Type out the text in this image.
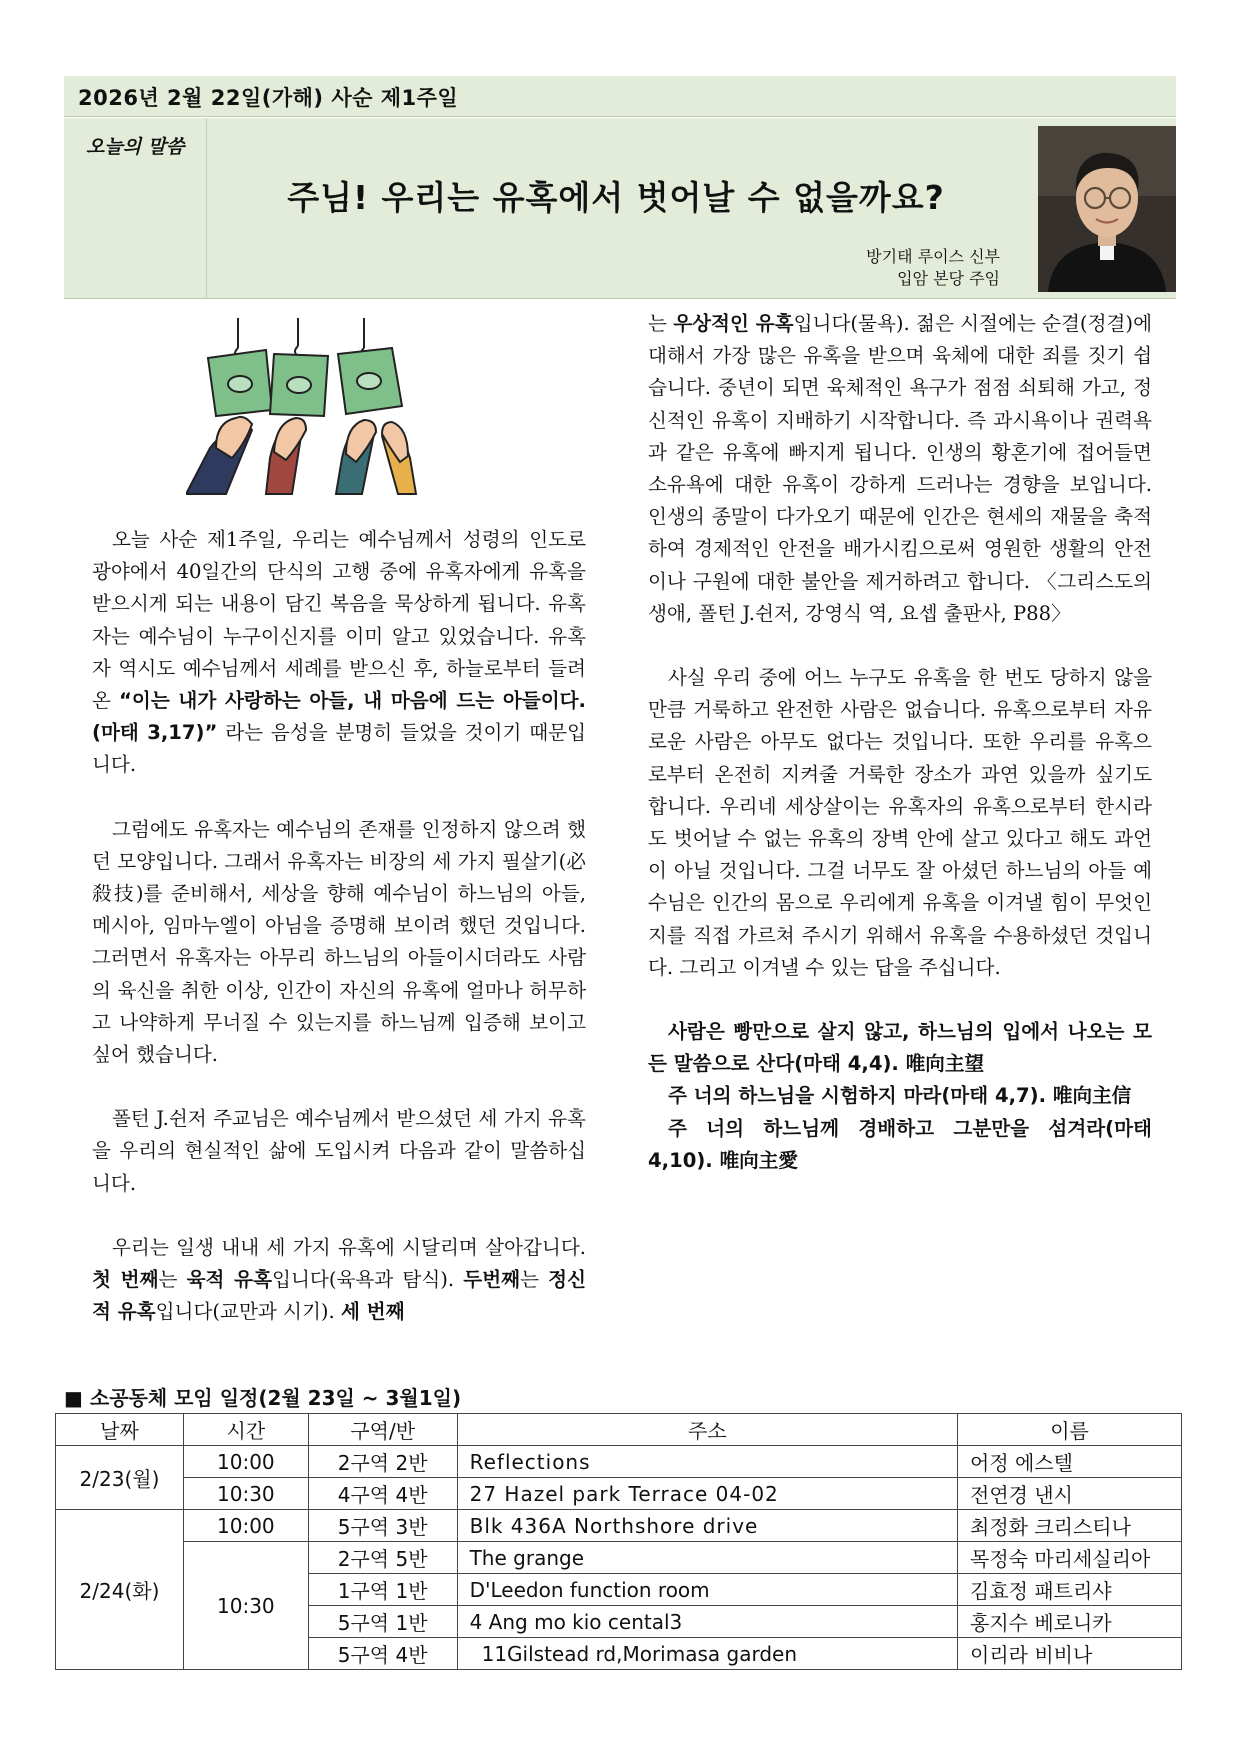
2026년 2월 22일(가해) 사순 제1주일
오늘의 말씀
주님! 우리는 유혹에서 벗어날 수 없을까요?
방기태 루이스 신부
입암 본당 주임

오늘 사순 제1주일, 우리는 예수님께서 성령의 인도로 광야에서 40일간의 단식의 고행 중에 유혹자에게 유혹을 받으시게 되는 내용이 담긴 복음을 묵상하게 됩니다. 유혹자는 예수님이 누구이신지를 이미 알고 있었습니다. 유혹자 역시도 예수님께서 세례를 받으신 후, 하늘로부터 들려온 “이는 내가 사랑하는 아들, 내 마음에 드는 아들이다. (마태 3,17)” 라는 음성을 분명히 들었을 것이기 때문입니다.

그럼에도 유혹자는 예수님의 존재를 인정하지 않으려 했던 모양입니다. 그래서 유혹자는 비장의 세 가지 필살기(必殺技)를 준비해서, 세상을 향해 예수님이 하느님의 아들, 메시아, 임마누엘이 아님을 증명해 보이려 했던 것입니다. 그러면서 유혹자는 아무리 하느님의 아들이시더라도 사람의 육신을 취한 이상, 인간이 자신의 유혹에 얼마나 허무하고 나약하게 무너질 수 있는지를 하느님께 입증해 보이고 싶어 했습니다.

폴턴 J.쉰저 주교님은 예수님께서 받으셨던 세 가지 유혹을 우리의 현실적인 삶에 도입시켜 다음과 같이 말씀하십니다.

우리는 일생 내내 세 가지 유혹에 시달리며 살아갑니다. 첫 번째는 육적 유혹입니다(육욕과 탐식). 두번째는 정신적 유혹입니다(교만과 시기). 세 번째

는 우상적인 유혹입니다(물욕). 젊은 시절에는 순결(정결)에 대해서 가장 많은 유혹을 받으며 육체에 대한 죄를 짓기 쉽습니다. 중년이 되면 육체적인 욕구가 점점 쇠퇴해 가고, 정신적인 유혹이 지배하기 시작합니다. 즉 과시욕이나 권력욕과 같은 유혹에 빠지게 됩니다. 인생의 황혼기에 접어들면 소유욕에 대한 유혹이 강하게 드러나는 경향을 보입니다. 인생의 종말이 다가오기 때문에 인간은 현세의 재물을 축적하여 경제적인 안전을 배가시킴으로써 영원한 생활의 안전이나 구원에 대한 불안을 제거하려고 합니다. 〈그리스도의 생애, 폴턴 J.쉰저, 강영식 역, 요셉 출판사, P88〉

사실 우리 중에 어느 누구도 유혹을 한 번도 당하지 않을 만큼 거룩하고 완전한 사람은 없습니다. 유혹으로부터 자유로운 사람은 아무도 없다는 것입니다. 또한 우리를 유혹으로부터 온전히 지켜줄 거룩한 장소가 과연 있을까 싶기도 합니다. 우리네 세상살이는 유혹자의 유혹으로부터 한시라도 벗어날 수 없는 유혹의 장벽 안에 살고 있다고 해도 과언이 아닐 것입니다. 그걸 너무도 잘 아셨던 하느님의 아들 예수님은 인간의 몸으로 우리에게 유혹을 이겨낼 힘이 무엇인지를 직접 가르쳐 주시기 위해서 유혹을 수용하셨던 것입니다. 그리고 이겨낼 수 있는 답을 주십니다.

사람은 빵만으로 살지 않고, 하느님의 입에서 나오는 모든 말씀으로 산다(마태 4,4). 唯向主望

주 너의 하느님을 시험하지 마라(마태 4,7). 唯向主信

주 너의 하느님께 경배하고 그분만을 섬겨라(마태 4,10). 唯向主愛

■ 소공동체 모임 일정(2월 23일 ~ 3월1일)
날짜	시간	구역/반	주소	이름
2/23(월)	10:00	2구역 2반	Reflections	어정 에스텔
	10:30	4구역 4반	27 Hazel park Terrace 04-02	전연경 낸시
2/24(화)	10:00	5구역 3반	Blk 436A Northshore drive	최정화 크리스티나
	10:30	2구역 5반	The grange	목정숙 마리세실리아
		1구역 1반	D'Leedon function room	김효정 패트리샤
		5구역 1반	4 Ang mo kio cental3	홍지수 베로니카
		5구역 4반	11Gilstead rd,Morimasa garden	이리라 비비나
